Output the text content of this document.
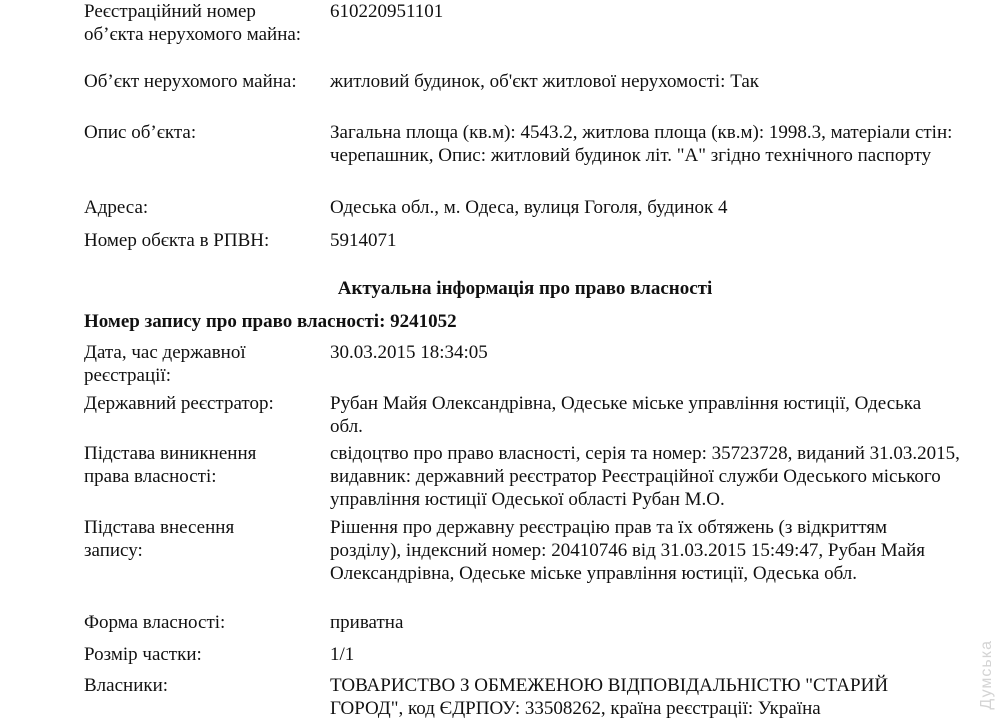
Реєстраційний номер об’єкта нерухомого майна:
610220951101
Об’єкт нерухомого майна:	житловий будинок, об'єкт житлової нерухомості: Так
Опис об’єкта:	Загальна площа (кв.м): 4543.2, житлова площа (кв.м): 1998.3, матеріали стін: черепашник, Опис: житловий будинок літ. "А" згідно технічного паспорту
Адреса:	Одеська обл., м. Одеса, вулиця Гоголя, будинок 4
Номер обєкта в РПВН:	5914071
Актуальна інформація про право власності
Номер запису про право власності: 9241052
Дата, час державної реєстрації:
30.03.2015 18:34:05
Державний реєстратор:	Рубан Майя Олександрівна, Одеське міське управління юстиції, Одеська обл.
Підстава виникнення права власності:
свідоцтво про право власності, серія та номер: 35723728, виданий 31.03.2015, видавник: державний реєстратор Реєстраційної служби Одеського міського управління юстиції Одеської області Рубан М.О.
Підстава внесення запису:
Рішення про державну реєстрацію прав та їх обтяжень (з відкриттям розділу), індексний номер: 20410746 від 31.03.2015 15:49:47, Рубан Майя Олександрівна, Одеське міське управління юстиції, Одеська обл.
Форма власності:	приватна
Розмір частки:	1/1
Власники:	ТОВАРИСТВО З ОБМЕЖЕНОЮ ВІДПОВІДАЛЬНІСТЮ "СТАРИЙ ГОРОД", код ЄДРПОУ: 33508262, країна реєстрації: Україна	Думська
